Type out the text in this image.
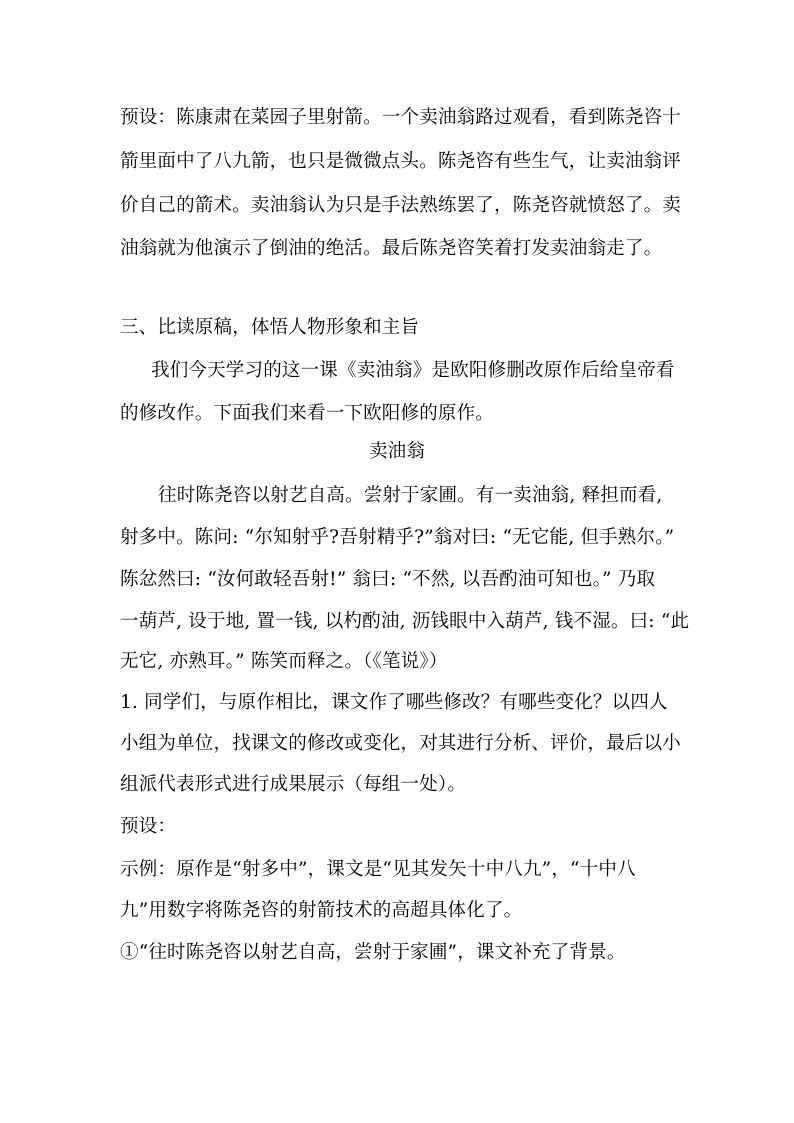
预设：陈康肃在菜园子里射箭。一个卖油翁路过观看，看到陈尧咨十
箭里面中了八九箭，也只是微微点头。陈尧咨有些生气，让卖油翁评
价自己的箭术。卖油翁认为只是手法熟练罢了，陈尧咨就愤怒了。卖
油翁就为他演示了倒油的绝活。最后陈尧咨笑着打发卖油翁走了。
三、比读原稿，体悟人物形象和主旨
我们今天学习的这一课《卖油翁》是欧阳修删改原作后给皇帝看
的修改作。下面我们来看一下欧阳修的原作。
卖油翁
往时陈尧咨以射艺自高。尝射于家圃。有一卖油翁, 释担而看,
射多中。陈问: “尔知射乎?吾射精乎?”翁对曰: “无它能, 但手熟尔。”
陈忿然曰: “汝何敢轻吾射!” 翁曰: “不然, 以吾酌油可知也。” 乃取
一葫芦, 设于地, 置一钱, 以杓酌油, 沥钱眼中入葫芦, 钱不湿。曰: “此
无它, 亦熟耳。” 陈笑而释之。（《笔说》）
1. 同学们，与原作相比，课文作了哪些修改？有哪些变化？以四人
小组为单位，找课文的修改或变化，对其进行分析、评价，最后以小
组派代表形式进行成果展示（每组一处）。
预设：
示例：原作是“射多中”，课文是“见其发矢十中八九”，“十中八
九”用数字将陈尧咨的射箭技术的高超具体化了。
①“往时陈尧咨以射艺自高，尝射于家圃”，课文补充了背景。
